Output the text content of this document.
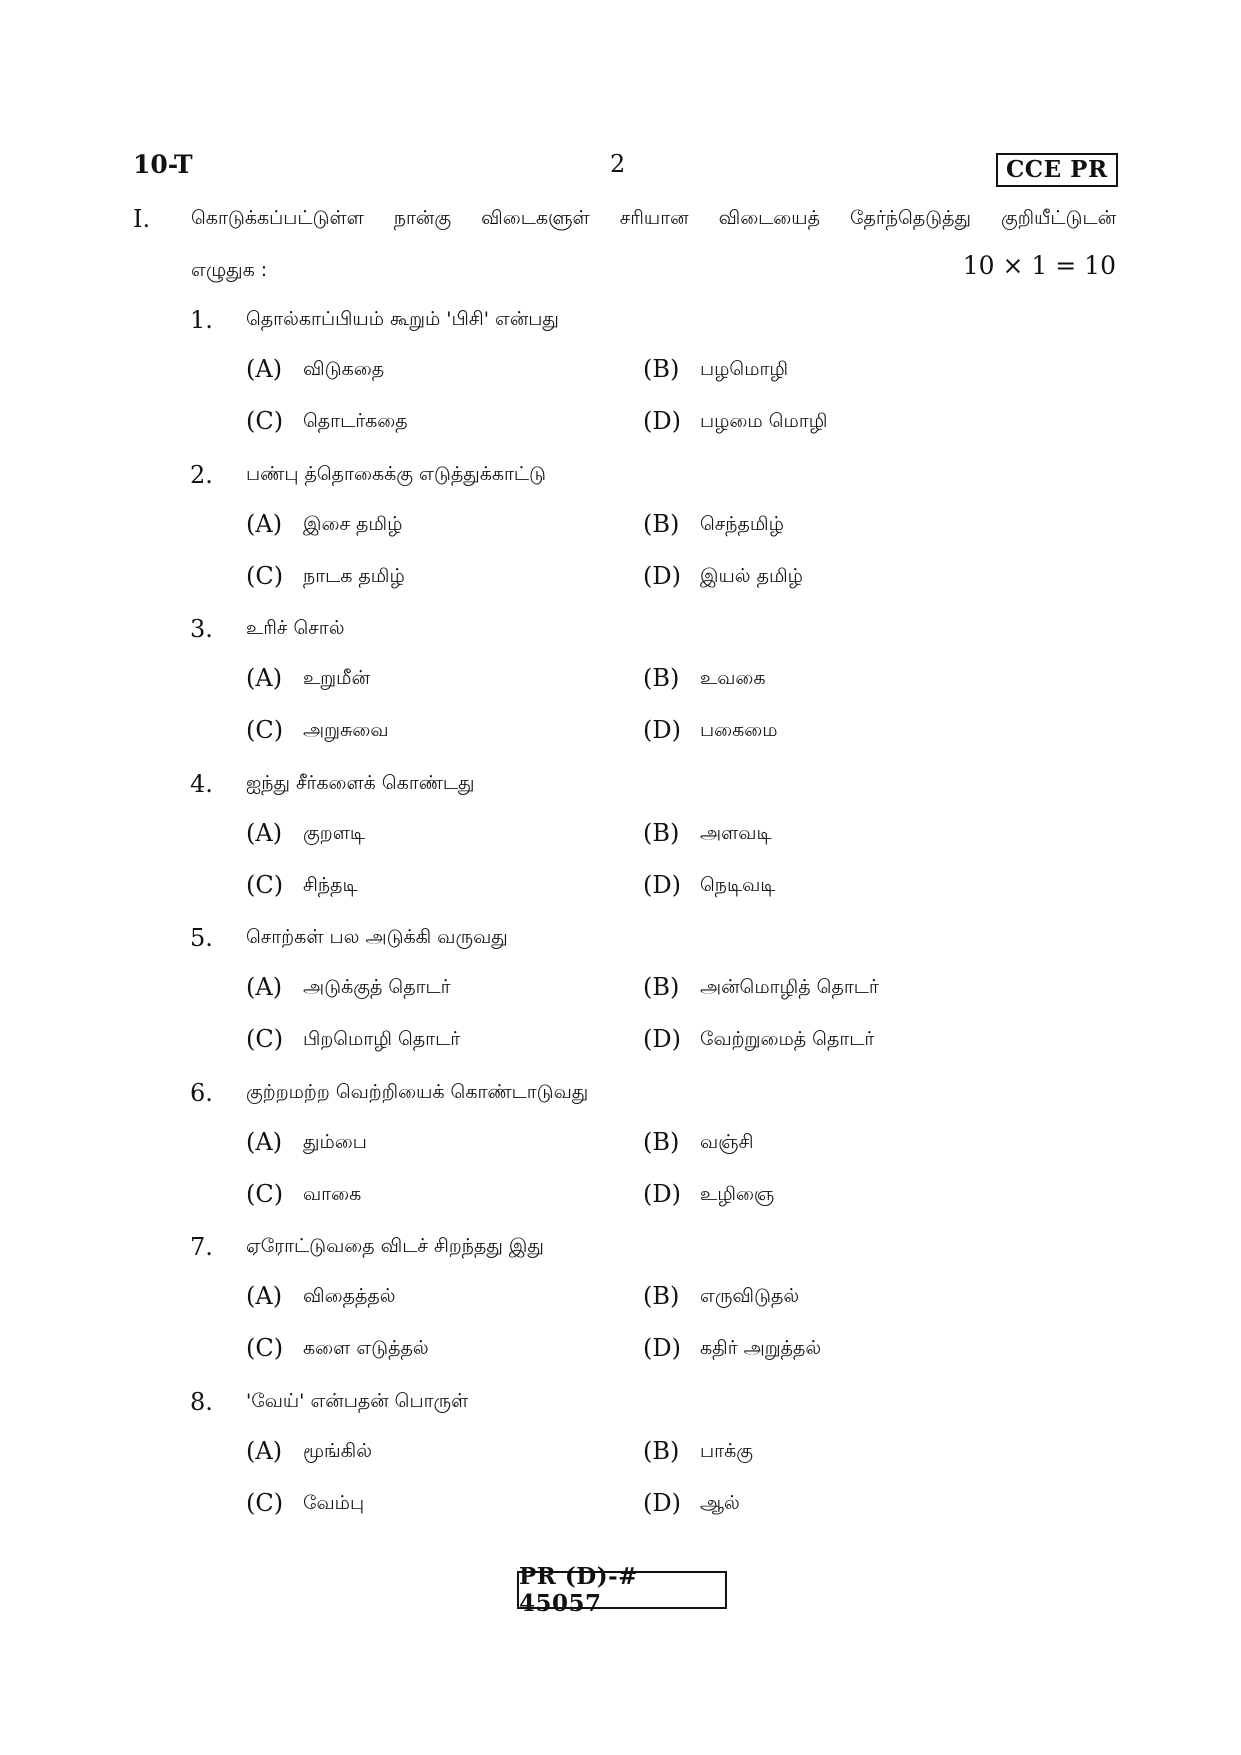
10-T	2	CCE PR
I. கொடுக்கப்பட்டுள்ள நான்கு விடைகளுள் சரியான விடையைத் தேர்ந்தெடுத்து குறியீட்டுடன்
எழுதுக :	10 × 1 = 10
1. தொல்காப்பியம் கூறும் 'பிசி' என்பது
(A) விடுகதை	(B) பழமொழி
(C) தொடர்கதை	(D) பழமை மொழி
2. பண்பு த்தொகைக்கு எடுத்துக்காட்டு
(A) இசை தமிழ்	(B) செந்தமிழ்
(C) நாடக தமிழ்	(D) இயல் தமிழ்
3. உரிச் சொல்
(A) உறுமீன்	(B) உவகை
(C) அறுசுவை	(D) பகைமை
4. ஐந்து சீர்களைக் கொண்டது
(A) குறளடி	(B) அளவடி
(C) சிந்தடி	(D) நெடிவடி
5. சொற்கள் பல அடுக்கி வருவது
(A) அடுக்குத் தொடர்	(B) அன்மொழித் தொடர்
(C) பிறமொழி தொடர்	(D) வேற்றுமைத் தொடர்
6. குற்றமற்ற வெற்றியைக் கொண்டாடுவது
(A) தும்பை	(B) வஞ்சி
(C) வாகை	(D) உழிஞை
7. ஏரோட்டுவதை விடச் சிறந்தது இது
(A) விதைத்தல்	(B) எருவிடுதல்
(C) களை எடுத்தல்	(D) கதிர் அறுத்தல்
8. 'வேய்' என்பதன் பொருள்
(A) மூங்கில்	(B) பாக்கு
(C) வேம்பு	(D) ஆல்
PR (D)-# 45057
